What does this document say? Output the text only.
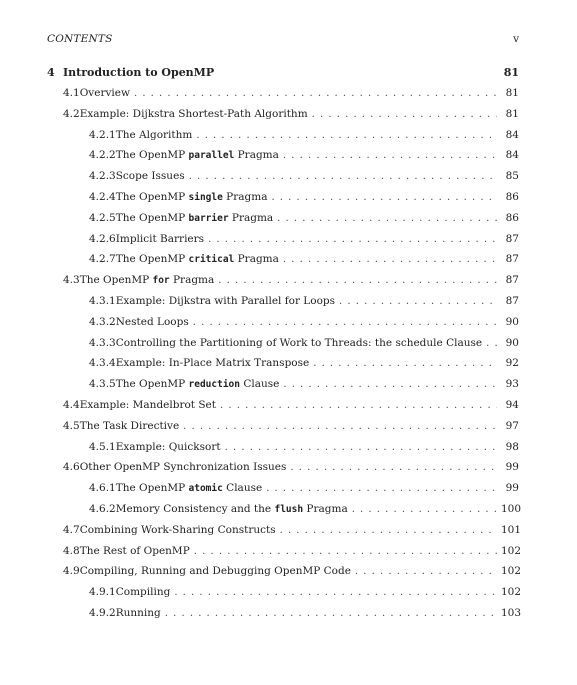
CONTENTS	v
4 Introduction to OpenMP	81
4.1 Overview . . .	81
4.2 Example: Dijkstra Shortest-Path Algorithm . . .	81
4.2.1 The Algorithm . . .	84
4.2.2 The OpenMP parallel Pragma . . .	84
4.2.3 Scope Issues . . .	85
4.2.4 The OpenMP single Pragma . . .	86
4.2.5 The OpenMP barrier Pragma . . .	86
4.2.6 Implicit Barriers . . .	87
4.2.7 The OpenMP critical Pragma . . .	87
4.3 The OpenMP for Pragma . . .	87
4.3.1 Example: Dijkstra with Parallel for Loops . . .	87
4.3.2 Nested Loops . . .	90
4.3.3 Controlling the Partitioning of Work to Threads: the schedule Clause . . .	90
4.3.4 Example: In-Place Matrix Transpose . . .	92
4.3.5 The OpenMP reduction Clause . . .	93
4.4 Example: Mandelbrot Set . . .	94
4.5 The Task Directive . . .	97
4.5.1 Example: Quicksort . . .	98
4.6 Other OpenMP Synchronization Issues . . .	99
4.6.1 The OpenMP atomic Clause . . .	99
4.6.2 Memory Consistency and the flush Pragma . . .	100
4.7 Combining Work-Sharing Constructs . . .	101
4.8 The Rest of OpenMP . . .	102
4.9 Compiling, Running and Debugging OpenMP Code . . .	102
4.9.1 Compiling . . .	102
4.9.2 Running . . .	103
